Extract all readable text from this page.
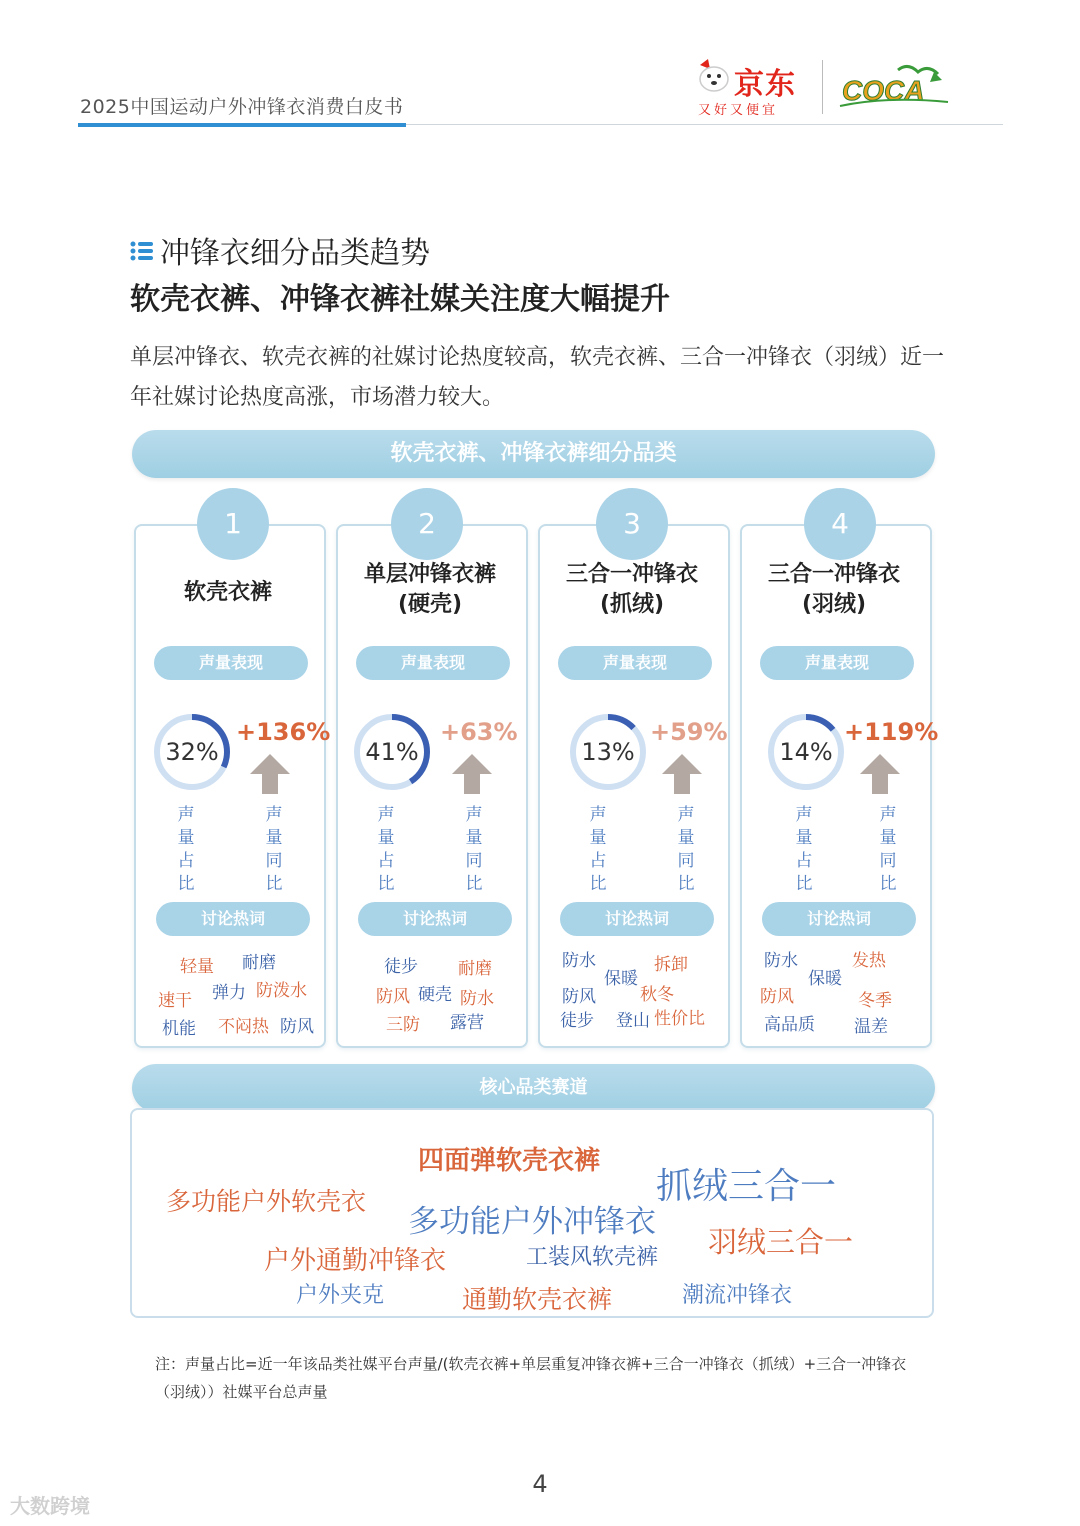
2025中国运动户外冲锋衣消费白皮书
京东
又好又便宜
COCA
冲锋衣细分品类趋势
软壳衣裤、冲锋衣裤社媒关注度大幅提升
单层冲锋衣、软壳衣裤的社媒讨论热度较高，软壳衣裤、三合一冲锋衣（羽绒）近一年社媒讨论热度高涨，市场潜力较大。
软壳衣裤、冲锋衣裤细分品类
1
软壳衣裤
声量表现
32%
+136%
声量占比
声量同比
讨论热词
轻量 耐磨
速干 弹力 防泼水
机能 不闷热 防风
2
单层冲锋衣裤
(硬壳)
声量表现
41%
+63%
声量占比
声量同比
讨论热词
徒步 耐磨
防风 硬壳 防水
三防 露营
3
三合一冲锋衣
(抓绒)
声量表现
13%
+59%
声量占比
声量同比
讨论热词
防水	拆卸
保暖
防风	秋冬
徒步 登山 性价比
4
三合一冲锋衣
(羽绒)
声量表现
14%
+119%
声量占比
声量同比
讨论热词
防水	发热
保暖
防风	冬季
高品质 温差
核心品类赛道
四面弹软壳衣裤
抓绒三合一
多功能户外软壳衣
多功能户外冲锋衣
羽绒三合一
户外通勤冲锋衣	工装风软壳裤
户外夹克	通勤软壳衣裤	潮流冲锋衣
注：声量占比=近一年该品类社媒平台声量/(软壳衣裤+单层重复冲锋衣裤+三合一冲锋衣（抓绒）+三合一冲锋衣（羽绒））社媒平台总声量
4
大数跨境
